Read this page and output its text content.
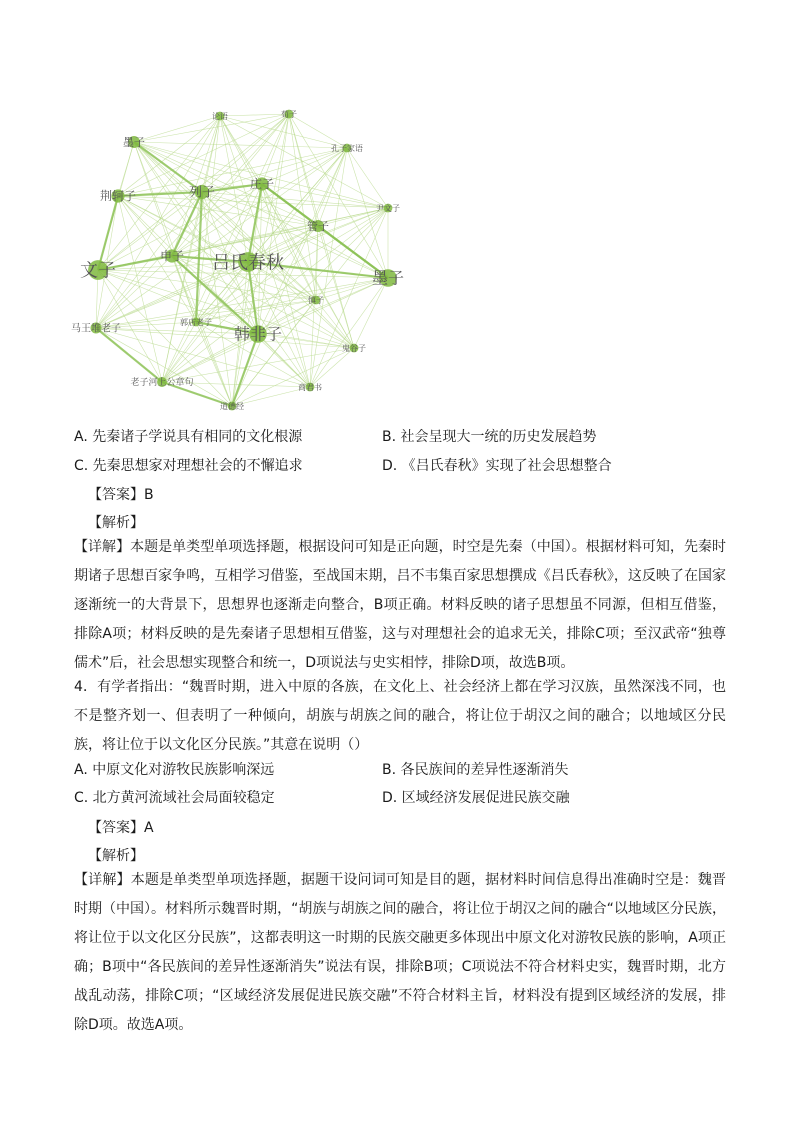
论语	荀子
墨子	孔子家语
荆轲子	列子
庄子
尹文子
管子
文子
申子 吕氏春秋
墨子
慎子
马王堆老子
郭店老子
韩非子
鬼谷子
老子河上公章句	商君书
道德经
A. 先秦诸子学说具有相同的文化根源	B. 社会呈现大一统的历史发展趋势
C. 先秦思想家对理想社会的不懈追求	D. 《吕氏春秋》实现了社会思想整合
【答案】B
【解析】
【详解】本题是单类型单项选择题，根据设问可知是正向题，时空是先秦（中国）。根据材料可知，先秦时期诸子思想百家争鸣，互相学习借鉴，至战国末期，吕不韦集百家思想撰成《吕氏春秋》，这反映了在国家逐渐统一的大背景下，思想界也逐渐走向整合，B项正确。材料反映的诸子思想虽不同源，但相互借鉴，排除A项；材料反映的是先秦诸子思想相互借鉴，这与对理想社会的追求无关，排除C项；至汉武帝“独尊儒术”后，社会思想实现整合和统一，D项说法与史实相悖，排除D项，故选B项。
4．有学者指出：“魏晋时期，进入中原的各族，在文化上、社会经济上都在学习汉族，虽然深浅不同，也不是整齐划一、但表明了一种倾向，胡族与胡族之间的融合，将让位于胡汉之间的融合；以地域区分民族，将让位于以文化区分民族。”其意在说明（）
A. 中原文化对游牧民族影响深远	B. 各民族间的差异性逐渐消失
C. 北方黄河流域社会局面较稳定	D. 区域经济发展促进民族交融
【答案】A
【解析】
【详解】本题是单类型单项选择题，据题干设问词可知是目的题，据材料时间信息得出准确时空是：魏晋时期（中国）。材料所示魏晋时期，“胡族与胡族之间的融合，将让位于胡汉之间的融合“以地域区分民族，将让位于以文化区分民族”，这都表明这一时期的民族交融更多体现出中原文化对游牧民族的影响，A项正确；B项中“各民族间的差异性逐渐消失”说法有误，排除B项；C项说法不符合材料史实，魏晋时期，北方战乱动荡，排除C项；“区域经济发展促进民族交融”不符合材料主旨，材料没有提到区域经济的发展，排除D项。故选A项。
